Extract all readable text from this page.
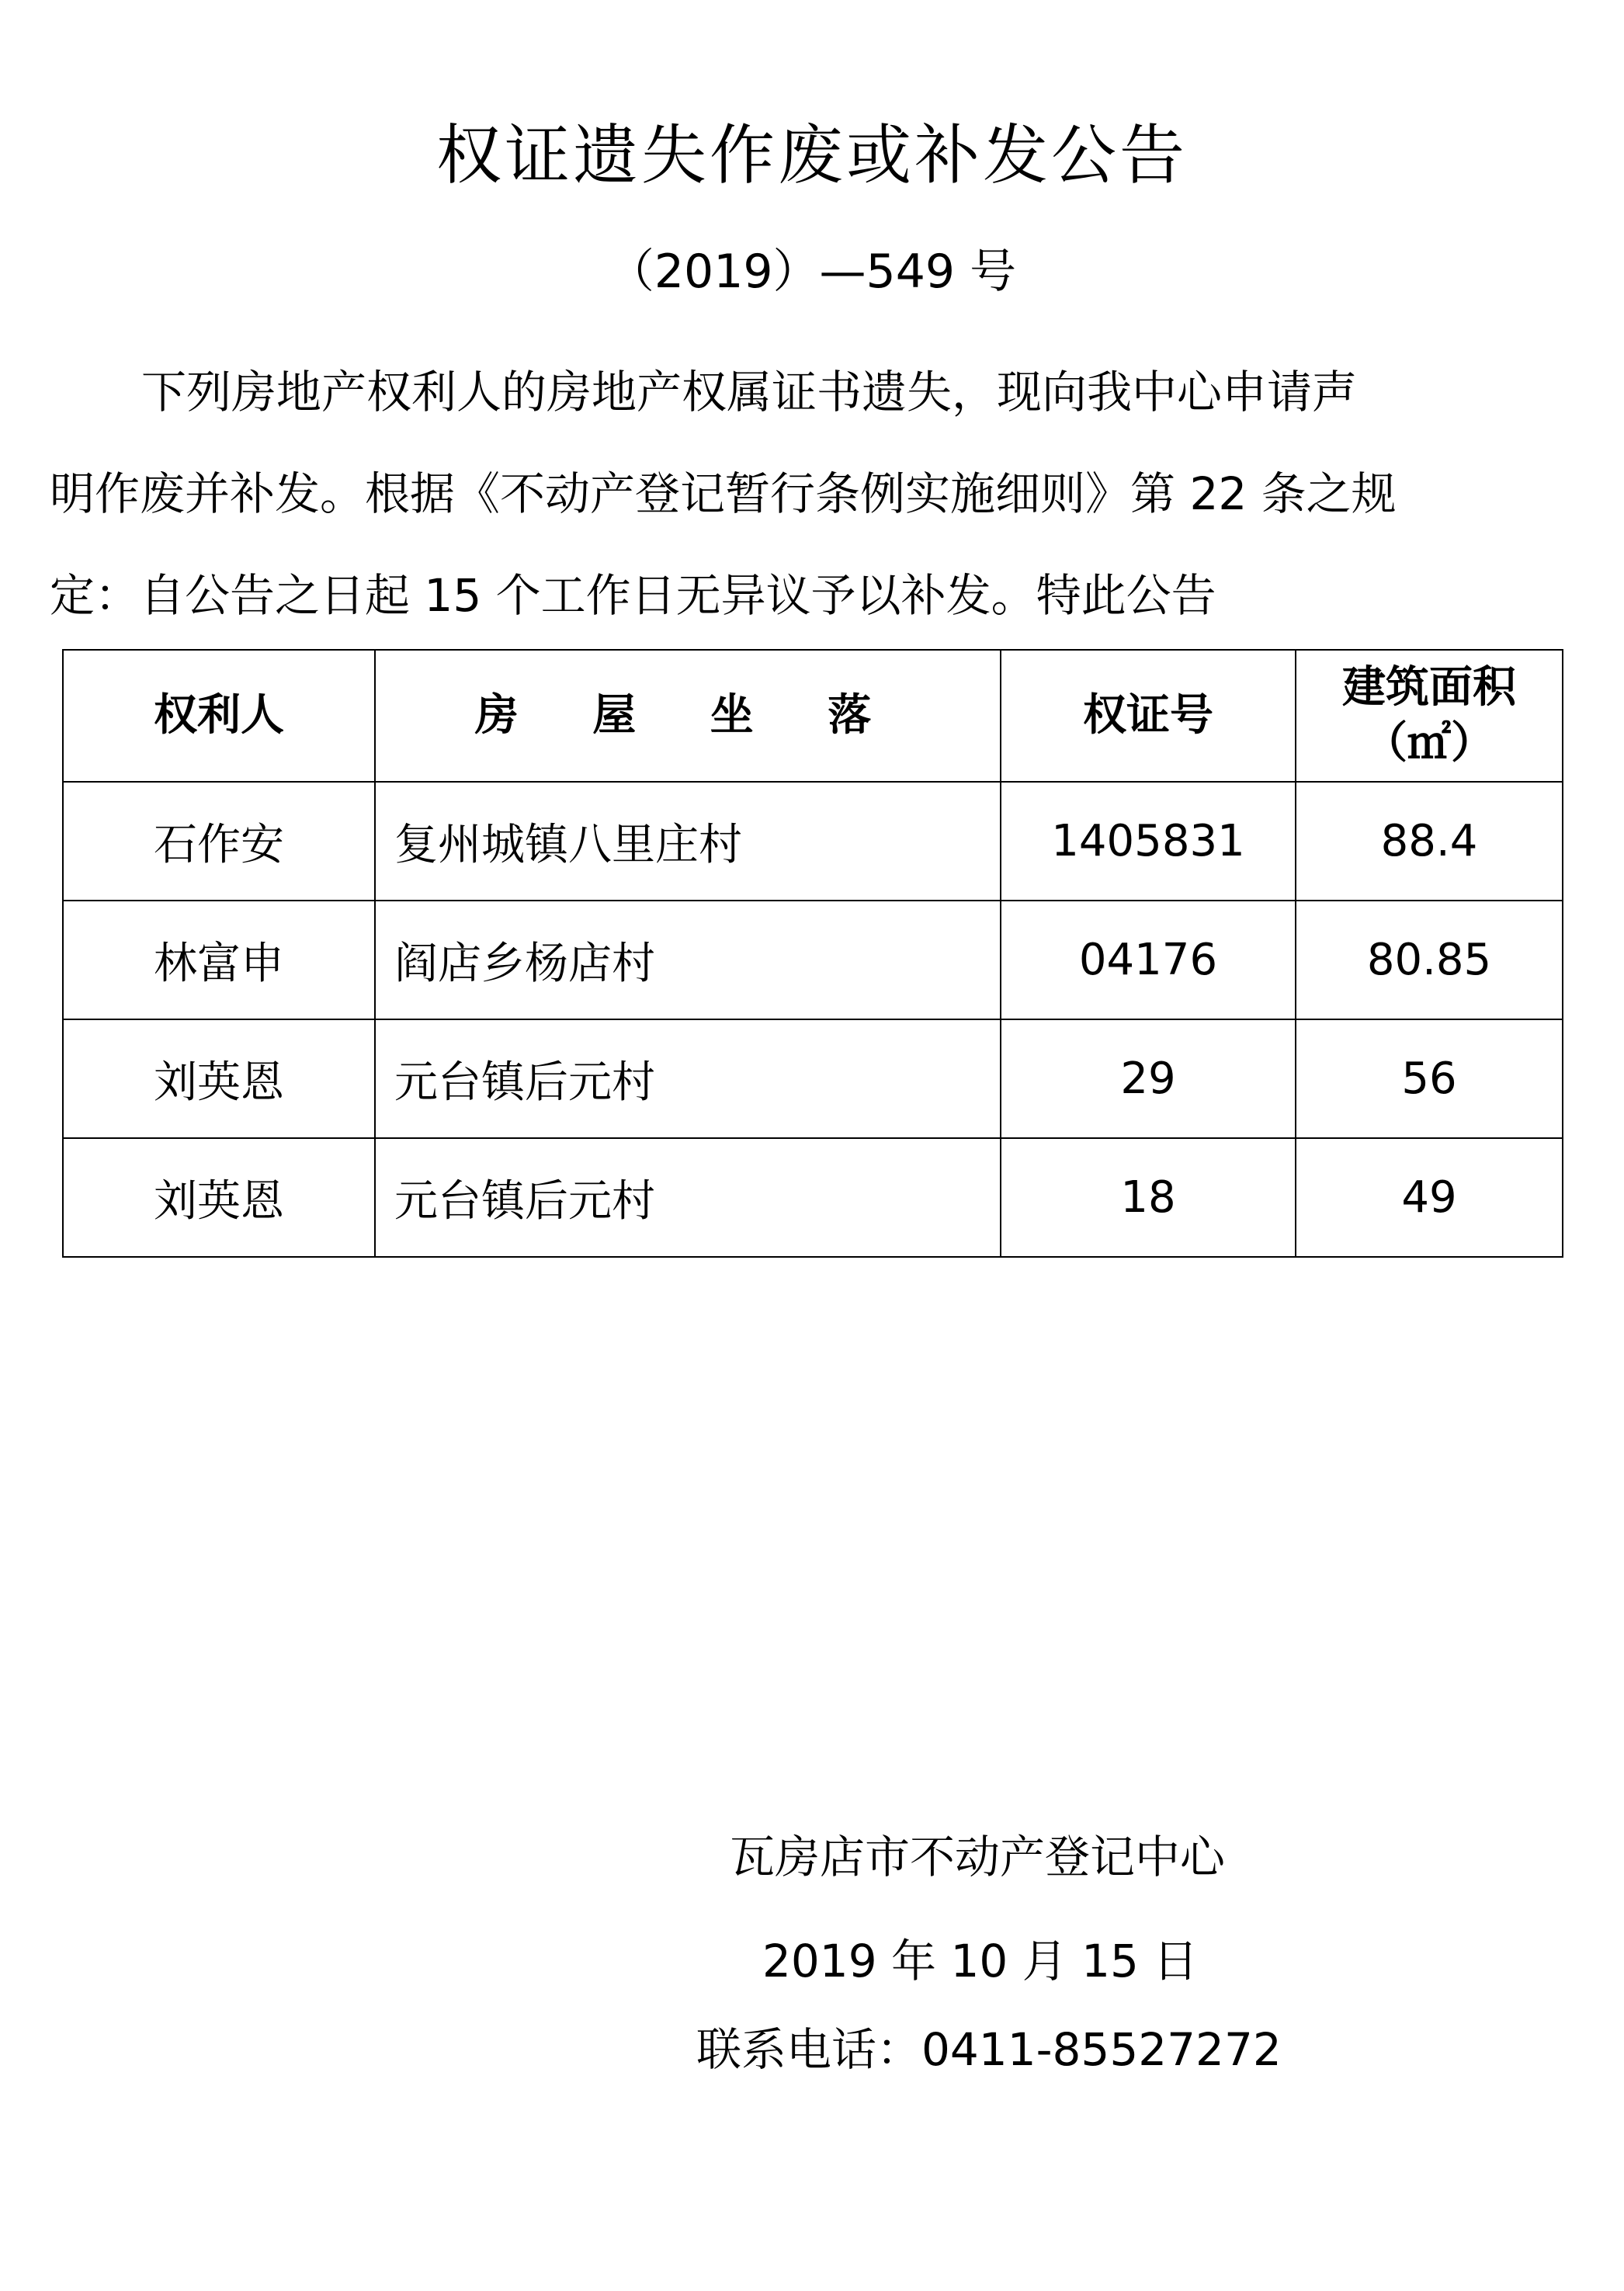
权证遗失作废或补发公告
（2019）—549 号
下列房地产权利人的房地产权属证书遗失，现向我中心申请声
明作废并补发。根据《不动产登记暂行条例实施细则》第 22 条之规
定：自公告之日起 15 个工作日无异议予以补发。特此公告
权利人	房 屋 坐 落	权证号	建筑面积
（㎡）

石作安	复州城镇八里庄村	1405831	88.4
林富申	阎店乡杨店村	04176	80.85
刘英恩	元台镇后元村	29	56
刘英恩	元台镇后元村	18	49
瓦房店市不动产登记中心
2019 年 10 月 15 日
联系电话：0411-85527272
